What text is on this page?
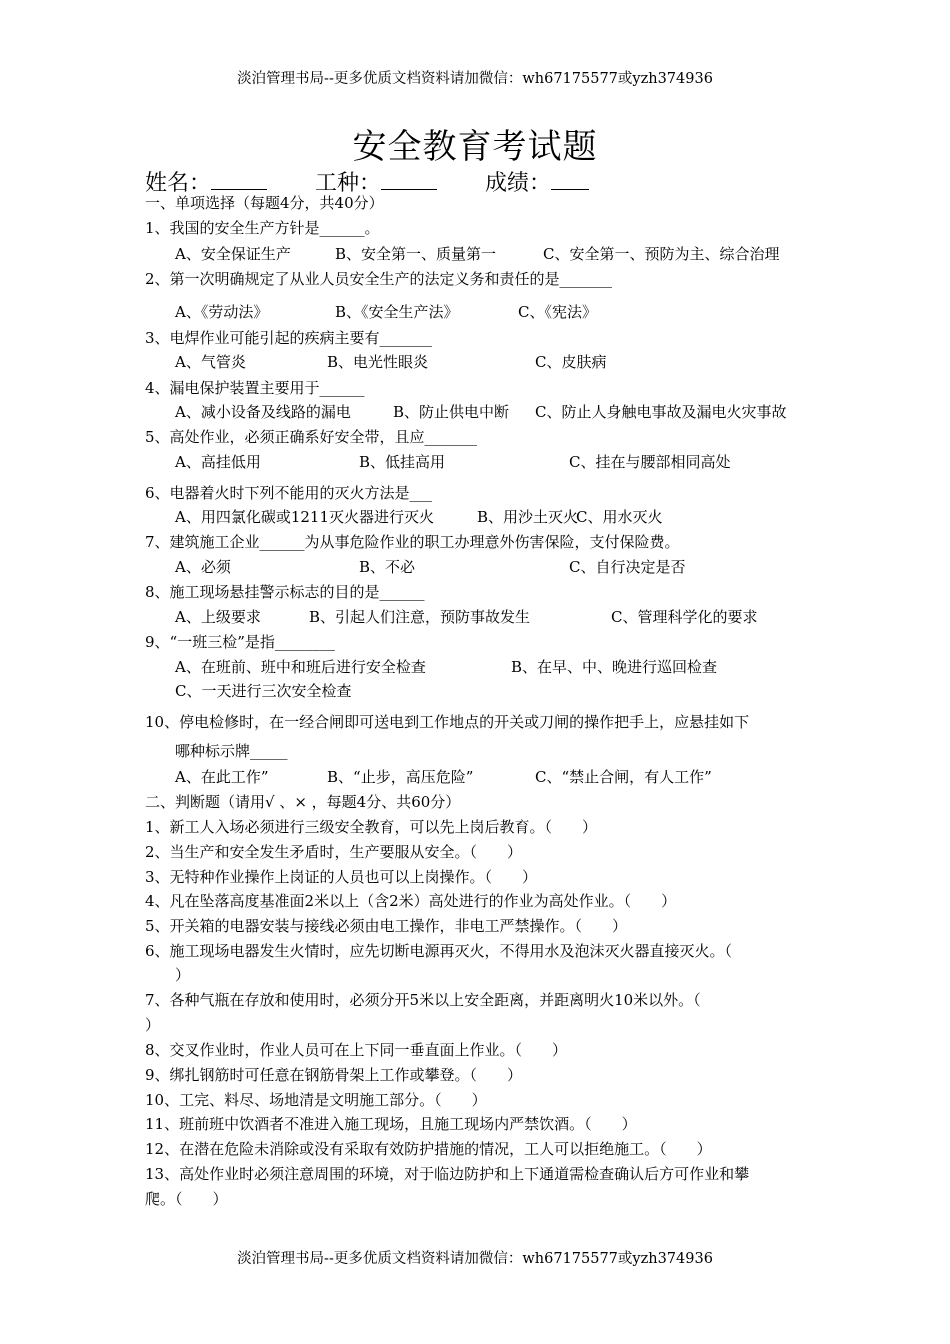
淡泊管理书局--更多优质文档资料请加微信：wh67175577或yzh374936
安全教育考试题
姓名：	工种：	成绩：
一、单项选择（每题4分，共40分）
1、我国的安全生产方针是______。
A、安全保证生产	B、安全第一、质量第一	C、安全第一、预防为主、综合治理
2、第一次明确规定了从业人员安全生产的法定义务和责任的是_______
A、《劳动法》	B、《安全生产法》	C、《宪法》
3、电焊作业可能引起的疾病主要有_______
A、气管炎	B、电光性眼炎	C、皮肤病
4、漏电保护装置主要用于______
A、减小设备及线路的漏电	B、防止供电中断 C、防止人身触电事故及漏电火灾事故
5、高处作业，必须正确系好安全带，且应_______
A、高挂低用	B、低挂高用	C、挂在与腰部相同高处
6、电器着火时下列不能用的灭火方法是___
A、用四氯化碳或1211灭火器进行灭火	B、用沙土灭火C、用水灭火
7、建筑施工企业______为从事危险作业的职工办理意外伤害保险，支付保险费。
A、必须	B、不必	C、自行决定是否
8、施工现场悬挂警示标志的目的是______
A、上级要求	B、引起人们注意，预防事故发生	C、管理科学化的要求
9、“一班三检”是指________
A、在班前、班中和班后进行安全检查	B、在早、中、晚进行巡回检查
C、一天进行三次安全检查
10、停电检修时，在一经合闸即可送电到工作地点的开关或刀闸的操作把手上，应悬挂如下
哪种标示牌_____
A、在此工作”	B、“止步，高压危险”	C、“禁止合闸，有人工作”
二、判断题（请用√ 、× ，每题4分、共60分）
1、新工人入场必须进行三级安全教育，可以先上岗后教育。（　　）
2、当生产和安全发生矛盾时，生产要服从安全。（　　）
3、无特种作业操作上岗证的人员也可以上岗操作。（　　）
4、凡在坠落高度基准面2米以上（含2米）高处进行的作业为高处作业。（　　）
5、开关箱的电器安装与接线必须由电工操作，非电工严禁操作。（　　）
6、施工现场电器发生火情时，应先切断电源再灭火，不得用水及泡沫灭火器直接灭火。（
）
7、各种气瓶在存放和使用时，必须分开5米以上安全距离，并距离明火10米以外。（
）
8、交叉作业时，作业人员可在上下同一垂直面上作业。（　　）
9、绑扎钢筋时可任意在钢筋骨架上工作或攀登。（　　）
10、工完、料尽、场地清是文明施工部分。（　　）
11、班前班中饮酒者不准进入施工现场，且施工现场内严禁饮酒。（　　）
12、在潜在危险未消除或没有采取有效防护措施的情况，工人可以拒绝施工。（　　）
13、高处作业时必须注意周围的环境，对于临边防护和上下通道需检查确认后方可作业和攀
爬。（　　）
淡泊管理书局--更多优质文档资料请加微信：wh67175577或yzh374936
